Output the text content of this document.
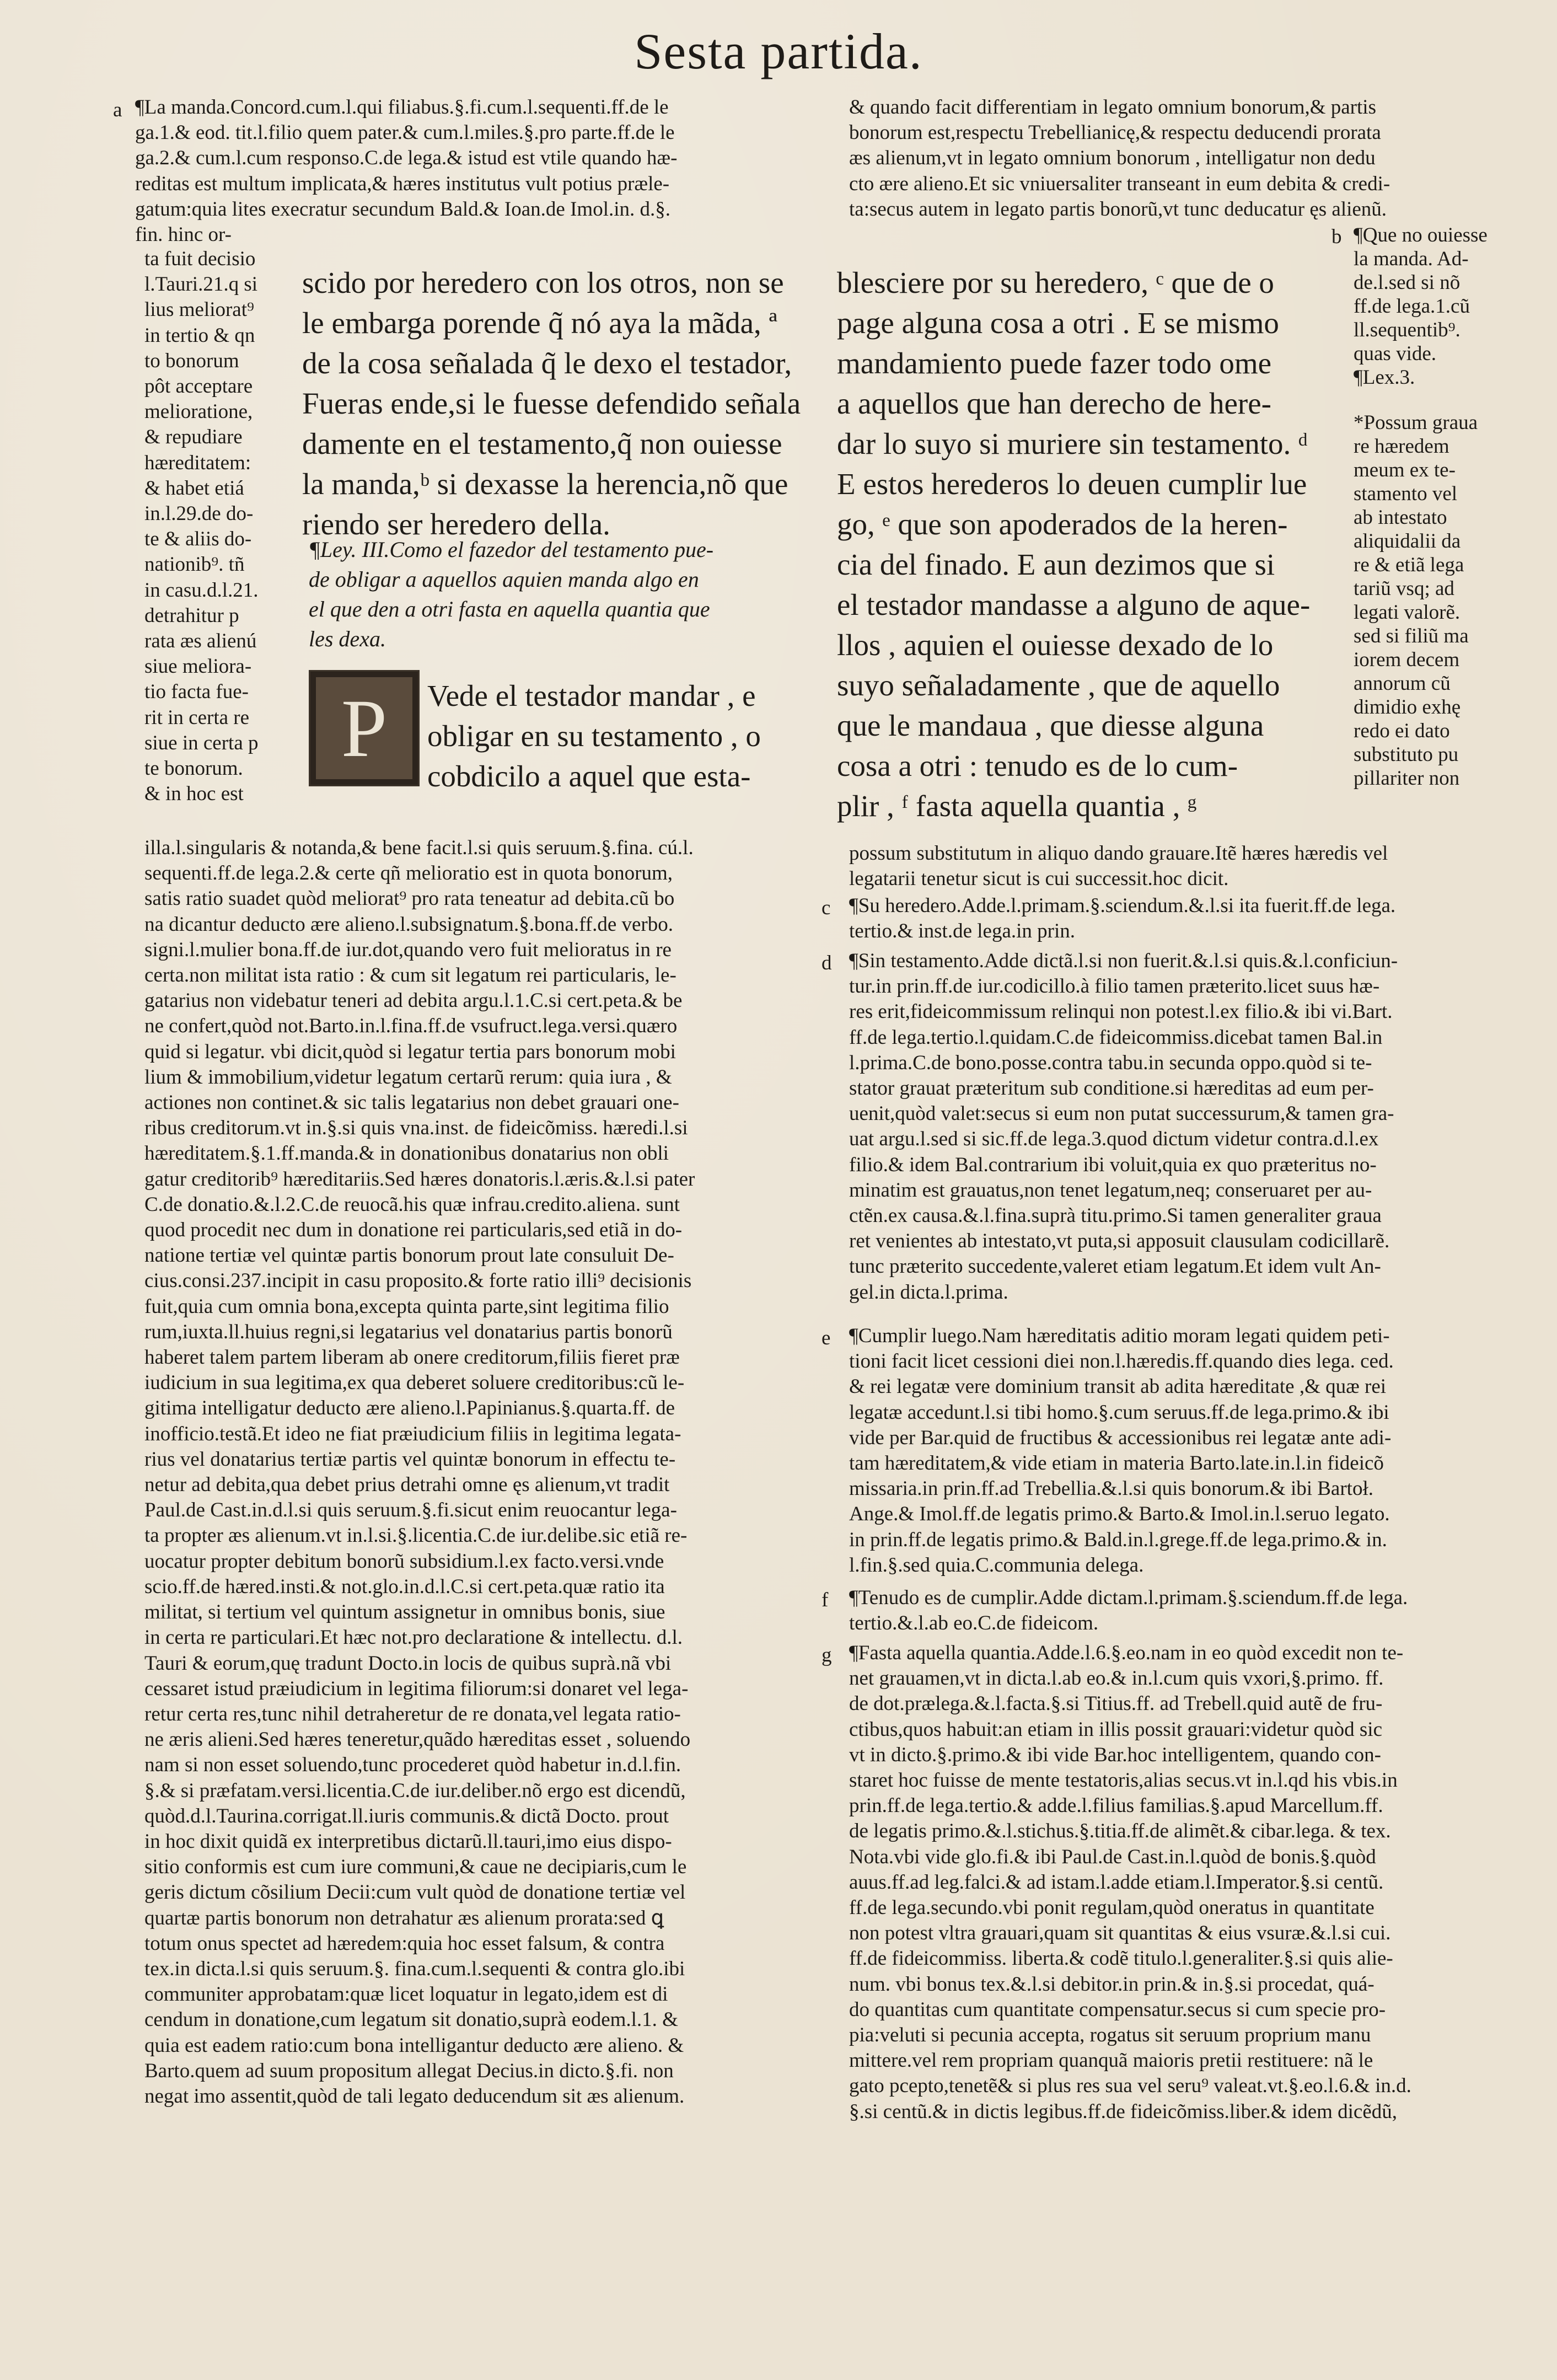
Sesta partida.
a ¶La manda.Concord.cum.l.qui filiabus.§.fi.cum.l.sequenti.ff.de le
ga.1.& eod. tit.l.filio quem pater.& cum.l.miles.§.pro parte.ff.de le
ga.2.& cum.l.cum responso.C.de lega.& istud est vtile quando hæ-
reditas est multum implicata,& hæres institutus vult potius præle-
gatum:quia lites execratur secundum Bald.& Ioan.de Imol.in. d.§.
fin. hinc or-
ta fuit decisio
l.Tauri.21.q si
lius meliorat⁹
in tertio & qn
to bonorum
pôt acceptare
melioratione,
& repudiare
hæreditatem:
& habet etiá
in.l.29.de do-
te & aliis do-
nationib⁹. tñ
in casu.d.l.21.
detrahitur p
rata æs alienú
siue meliora-
tio facta fue-
rit in certa re
siue in certa p
te bonorum.
& in hoc est
scido por heredero con los otros, non se
le embarga porende q̃ nó aya la mãda, ª
de la cosa señalada q̃ le dexo el testador,
Fueras ende,si le fuesse defendido señala
damente en el testamento,q̃ non ouiesse
la manda,ᵇ si dexasse la herencia,nõ que
riendo ser heredero della.
¶Ley. III.Como el fazedor del testamento pue-
de obligar a aquellos aquien manda algo en
el que den a otri fasta en aquella quantia que
les dexa.
P Vede el testador mandar , e
obligar en su testamento , o
cobdicilo a aquel que esta-
illa.l.singularis & notanda,& bene facit.l.si quis seruum.§.fina. cú.l.
sequenti.ff.de lega.2.& certe qñ melioratio est in quota bonorum,
satis ratio suadet quòd meliorat⁹ pro rata teneatur ad debita.cũ bo
na dicantur deducto ære alieno.l.subsignatum.§.bona.ff.de verbo.
signi.l.mulier bona.ff.de iur.dot,quando vero fuit melioratus in re
certa.non militat ista ratio : & cum sit legatum rei particularis, le-
gatarius non videbatur teneri ad debita argu.l.1.C.si cert.peta.& be
ne confert,quòd not.Barto.in.l.fina.ff.de vsufruct.lega.versi.quæro
quid si legatur. vbi dicit,quòd si legatur tertia pars bonorum mobi
lium & immobilium,videtur legatum certarũ rerum: quia iura , &
actiones non continet.& sic talis legatarius non debet grauari one-
ribus creditorum.vt in.§.si quis vna.inst. de fideicõmiss. hæredi.l.si
hæreditatem.§.1.ff.manda.& in donationibus donatarius non obli
gatur creditorib⁹ hæreditariis.Sed hæres donatoris.l.æris.&.l.si pater
C.de donatio.&.l.2.C.de reuocã.his quæ infrau.credito.aliena. sunt
quod procedit nec dum in donatione rei particularis,sed etiã in do-
natione tertiæ vel quintæ partis bonorum prout late consuluit De-
cius.consi.237.incipit in casu proposito.& forte ratio illi⁹ decisionis
fuit,quia cum omnia bona,excepta quinta parte,sint legitima filio
rum,iuxta.ll.huius regni,si legatarius vel donatarius partis bonorũ
haberet talem partem liberam ab onere creditorum,filiis fieret præ
iudicium in sua legitima,ex qua deberet soluere creditoribus:cũ le-
gitima intelligatur deducto ære alieno.l.Papinianus.§.quarta.ff. de
inofficio.testã.Et ideo ne fiat præiudicium filiis in legitima legata-
rius vel donatarius tertiæ partis vel quintæ bonorum in effectu te-
netur ad debita,qua debet prius detrahi omne ęs alienum,vt tradit
Paul.de Cast.in.d.l.si quis seruum.§.fi.sicut enim reuocantur lega-
ta propter æs alienum.vt in.l.si.§.licentia.C.de iur.delibe.sic etiã re-
uocatur propter debitum bonorũ subsidium.l.ex facto.versi.vnde
scio.ff.de hæred.insti.& not.glo.in.d.l.C.si cert.peta.quæ ratio ita
militat, si tertium vel quintum assignetur in omnibus bonis, siue
in certa re particulari.Et hæc not.pro declaratione & intellectu. d.l.
Tauri & eorum,quę tradunt Docto.in locis de quibus suprà.nã vbi
cessaret istud præiudicium in legitima filiorum:si donaret vel lega-
retur certa res,tunc nihil detraheretur de re donata,vel legata ratio-
ne æris alieni.Sed hæres teneretur,quãdo hæreditas esset , soluendo
nam si non esset soluendo,tunc procederet quòd habetur in.d.l.fin.
§.& si præfatam.versi.licentia.C.de iur.deliber.nõ ergo est dicendũ,
quòd.d.l.Taurina.corrigat.ll.iuris communis.& dictã Docto. prout
in hoc dixit quidã ex interpretibus dictarũ.ll.tauri,imo eius dispo-
sitio conformis est cum iure communi,& caue ne decipiaris,cum le
geris dictum cõsilium Decii:cum vult quòd de donatione tertiæ vel
quartæ partis bonorum non detrahatur æs alienum prorata:sed ꝗ
totum onus spectet ad hæredem:quia hoc esset falsum, & contra
tex.in dicta.l.si quis seruum.§. fina.cum.l.sequenti & contra glo.ibi
communiter approbatam:quæ licet loquatur in legato,idem est di
cendum in donatione,cum legatum sit donatio,suprà eodem.l.1. &
quia est eadem ratio:cum bona intelligantur deducto ære alieno. &
Barto.quem ad suum propositum allegat Decius.in dicto.§.fi. non
negat imo assentit,quòd de tali legato deducendum sit æs alienum.
& quando facit differentiam in legato omnium bonorum,& partis
bonorum est,respectu Trebellianicę,& respectu deducendi prorata
æs alienum,vt in legato omnium bonorum , intelligatur non dedu
cto ære alieno.Et sic vniuersaliter transeant in eum debita & credi-
ta:secus autem in legato partis bonorũ,vt tunc deducatur ęs alienũ.
b ¶Que no ouiesse
la manda. Ad-
de.l.sed si nõ
ff.de lega.1.cũ
ll.sequentib⁹.
quas vide.
¶Lex.3.
blesciere por su heredero, ᶜ que de o
page alguna cosa a otri . E se mismo
mandamiento puede fazer todo ome
a aquellos que han derecho de here-
dar lo suyo si muriere sin testamento. ᵈ
E estos herederos lo deuen cumplir lue
go, ᵉ que son apoderados de la heren-
cia del finado. E aun dezimos que si
el testador mandasse a alguno de aque-
llos , aquien el ouiesse dexado de lo
suyo señaladamente , que de aquello
que le mandaua , que diesse alguna
cosa a otri : tenudo es de lo cum-
plir , ᶠ fasta aquella quantia , ᵍ
*Possum graua
re hæredem
meum ex te-
stamento vel
ab intestato
aliquidalii da
re & etiã lega
tariũ vsq; ad
legati valorẽ.
sed si filiũ ma
iorem decem
annorum cũ
dimidio exhę
redo ei dato
substituto pu
pillariter non
possum substitutum in aliquo dando grauare.Itẽ hæres hæredis vel
legatarii tenetur sicut is cui successit.hoc dicit.
c ¶Su heredero.Adde.l.primam.§.sciendum.&.l.si ita fuerit.ff.de lega.
tertio.& inst.de lega.in prin.
d ¶Sin testamento.Adde dictã.l.si non fuerit.&.l.si quis.&.l.conficiun-
tur.in prin.ff.de iur.codicillo.à filio tamen præterito.licet suus hæ-
res erit,fideicommissum relinqui non potest.l.ex filio.& ibi vi.Bart.
ff.de lega.tertio.l.quidam.C.de fideicommiss.dicebat tamen Bal.in
l.prima.C.de bono.posse.contra tabu.in secunda oppo.quòd si te-
stator grauat præteritum sub conditione.si hæreditas ad eum per-
uenit,quòd valet:secus si eum non putat successurum,& tamen gra-
uat argu.l.sed si sic.ff.de lega.3.quod dictum videtur contra.d.l.ex
filio.& idem Bal.contrarium ibi voluit,quia ex quo præteritus no-
minatim est grauatus,non tenet legatum,neq; conseruaret per au-
ctẽn.ex causa.&.l.fina.suprà titu.primo.Si tamen generaliter graua
ret venientes ab intestato,vt puta,si apposuit clausulam codicillarẽ.
tunc præterito succedente,valeret etiam legatum.Et idem vult An-
gel.in dicta.l.prima.
e ¶Cumplir luego.Nam hæreditatis aditio moram legati quidem peti-
tioni facit licet cessioni diei non.l.hæredis.ff.quando dies lega. ced.
& rei legatæ vere dominium transit ab adita hæreditate ,& quæ rei
legatæ accedunt.l.si tibi homo.§.cum seruus.ff.de lega.primo.& ibi
vide per Bar.quid de fructibus & accessionibus rei legatæ ante adi-
tam hæreditatem,& vide etiam in materia Barto.late.in.l.in fideicõ
missaria.in prin.ff.ad Trebellia.&.l.si quis bonorum.& ibi Bartoł.
Ange.& Imol.ff.de legatis primo.& Barto.& Imol.in.l.seruo legato.
in prin.ff.de legatis primo.& Bald.in.l.grege.ff.de lega.primo.& in.
l.fin.§.sed quia.C.communia delega.
f ¶Tenudo es de cumplir.Adde dictam.l.primam.§.sciendum.ff.de lega.
tertio.&.l.ab eo.C.de fideicom.
g ¶Fasta aquella quantia.Adde.l.6.§.eo.nam in eo quòd excedit non te-
net grauamen,vt in dicta.l.ab eo.& in.l.cum quis vxori,§.primo. ff.
de dot.prælega.&.l.facta.§.si Titius.ff. ad Trebell.quid autẽ de fru-
ctibus,quos habuit:an etiam in illis possit grauari:videtur quòd sic
vt in dicto.§.primo.& ibi vide Bar.hoc intelligentem, quando con-
staret hoc fuisse de mente testatoris,alias secus.vt in.l.qd his vbis.in
prin.ff.de lega.tertio.& adde.l.filius familias.§.apud Marcellum.ff.
de legatis primo.&.l.stichus.§.titia.ff.de alimẽt.& cibar.lega. & tex.
Nota.vbi vide glo.fi.& ibi Paul.de Cast.in.l.quòd de bonis.§.quòd
auus.ff.ad leg.falci.& ad istam.l.adde etiam.l.Imperator.§.si centũ.
ff.de lega.secundo.vbi ponit regulam,quòd oneratus in quantitate
non potest vltra grauari,quam sit quantitas & eius vsuræ.&.l.si cui.
ff.de fideicommiss. liberta.& codẽ titulo.l.generaliter.§.si quis alie-
num. vbi bonus tex.&.l.si debitor.in prin.& in.§.si procedat, quá-
do quantitas cum quantitate compensatur.secus si cum specie pro-
pia:veluti si pecunia accepta, rogatus sit seruum proprium manu
mittere.vel rem propriam quanquã maioris pretii restituere: nã le
gato pcepto,tenetẽ& si plus res sua vel seru⁹ valeat.vt.§.eo.l.6.& in.d.
§.si centũ.& in dictis legibus.ff.de fideicõmiss.liber.& idem dicẽdũ,
